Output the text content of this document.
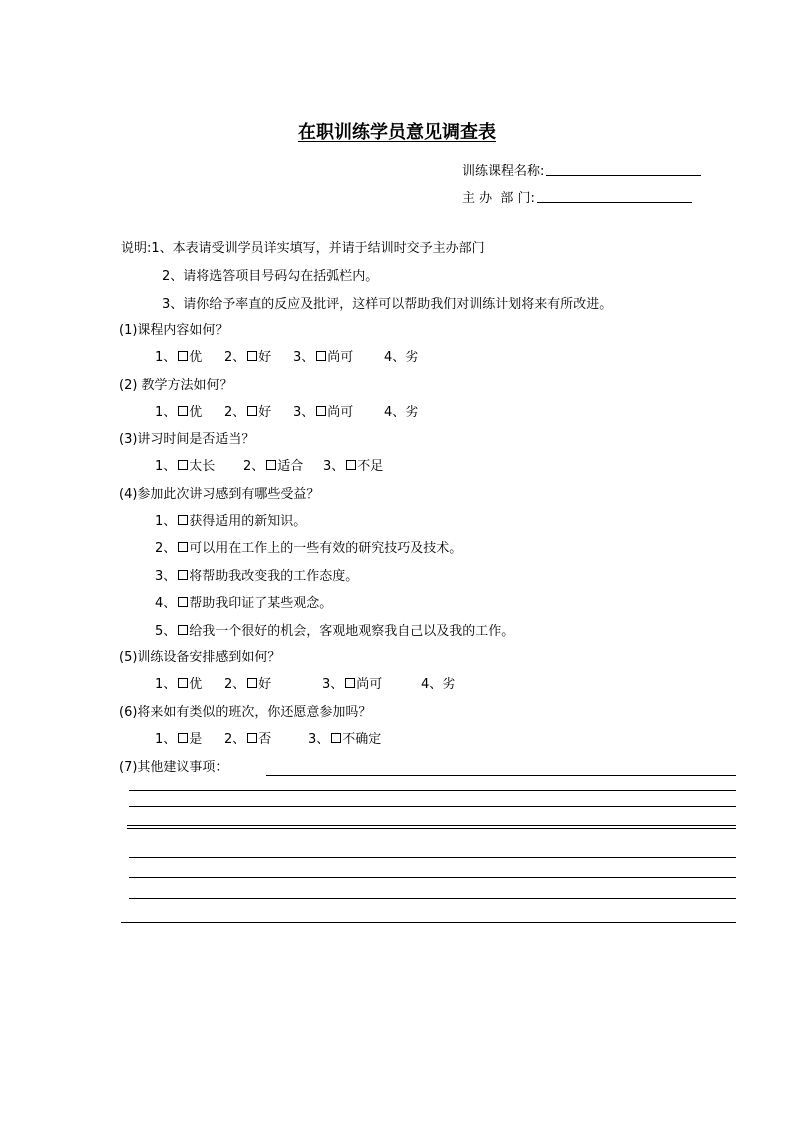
在职训练学员意见调查表
训练课程名称:
主 办  部 门:
说明:1、本表请受训学员详实填写，并请于结训时交予主办部门
2、请将选答项目号码勾在括弧栏内。
3、请你给予率直的反应及批评，这样可以帮助我们对训练计划将来有所改进。
(1)课程内容如何？
1、 优 2、 好 3、 尚可 4、 劣
(2) 教学方法如何？
1、 优 2、 好 3、 尚可 4、 劣
(3)讲习时间是否适当？
1、 太长 2、 适合 3、 不足
(4)参加此次讲习感到有哪些受益？
1、 获得适用的新知识。
2、 可以用在工作上的一些有效的研究技巧及技术。
3、 将帮助我改变我的工作态度。
4、 帮助我印证了某些观念。
5、 给我一个很好的机会，客观地观察我自己以及我的工作。
(5)训练设备安排感到如何？
1、 优 2、 好	3、 尚可	4、 劣
(6)将来如有类似的班次，你还愿意参加吗？
1、 是 2、 否	3、 不确定
(7)其他建议事项：
